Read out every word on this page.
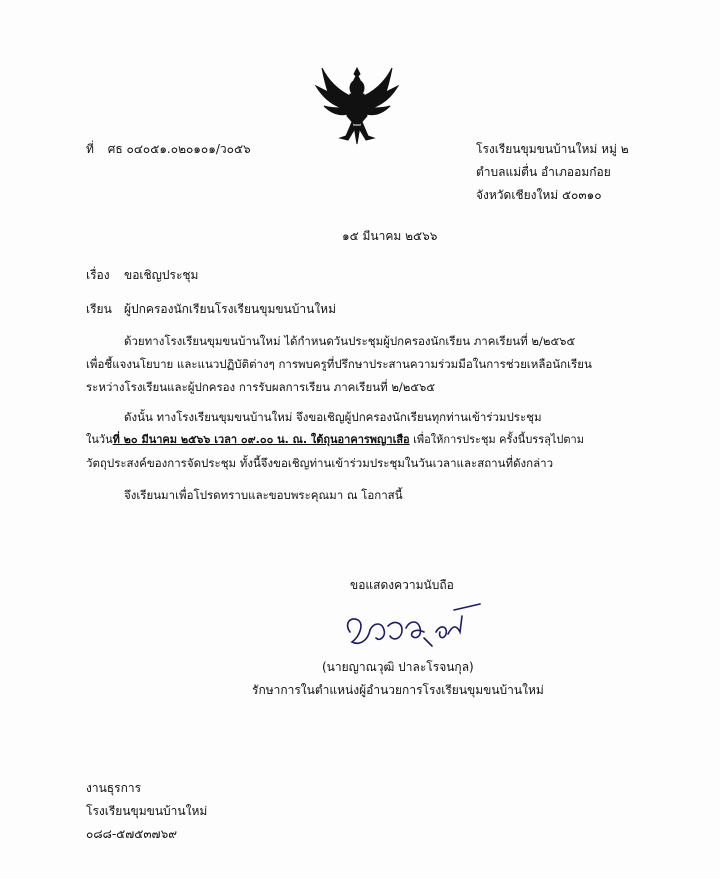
ที่ ศธ ๐๔๐๕๑.๐๒๐๑๐๑/ว๐๕๖	โรงเรียนขุมขนบ้านใหม่ หมู่ ๒
ตำบลแม่ตื่น อำเภออมก๋อย
จังหวัดเชียงใหม่ ๕๐๓๑๐
๑๕ มีนาคม ๒๕๖๖
เรื่อง ขอเชิญประชุม
เรียน ผู้ปกครองนักเรียนโรงเรียนขุมขนบ้านใหม่
ด้วยทางโรงเรียนขุมขนบ้านใหม่ ได้กำหนดวันประชุมผู้ปกครองนักเรียน ภาคเรียนที่ ๒/๒๕๖๕
เพื่อชี้แจงนโยบาย และแนวปฏิบัติต่างๆ การพบครูที่ปรึกษาประสานความร่วมมือในการช่วยเหลือนักเรียน
ระหว่างโรงเรียนและผู้ปกครอง การรับผลการเรียน ภาคเรียนที่ ๒/๒๕๖๕
ดังนั้น ทางโรงเรียนขุมขนบ้านใหม่ จึงขอเชิญผู้ปกครองนักเรียนทุกท่านเข้าร่วมประชุม
ในวันที่ ๒๐ มีนาคม ๒๕๖๖ เวลา ๐๙.๐๐ น. ณ. ใต้ถุนอาคารพญาเสือ เพื่อให้การประชุม ครั้งนี้บรรลุไปตาม
วัตถุประสงค์ของการจัดประชุม ทั้งนี้จึงขอเชิญท่านเข้าร่วมประชุมในวันเวลาและสถานที่ดังกล่าว
จึงเรียนมาเพื่อโปรดทราบและขอบพระคุณมา ณ โอกาสนี้
ขอแสดงความนับถือ
(นายญาณวุฒิ ปาละโรจนกุล)
รักษาการในตำแหน่งผู้อำนวยการโรงเรียนขุมขนบ้านใหม่
งานธุรการ
โรงเรียนขุมขนบ้านใหม่
๐๘๘-๕๗๕๓๗๖๙
